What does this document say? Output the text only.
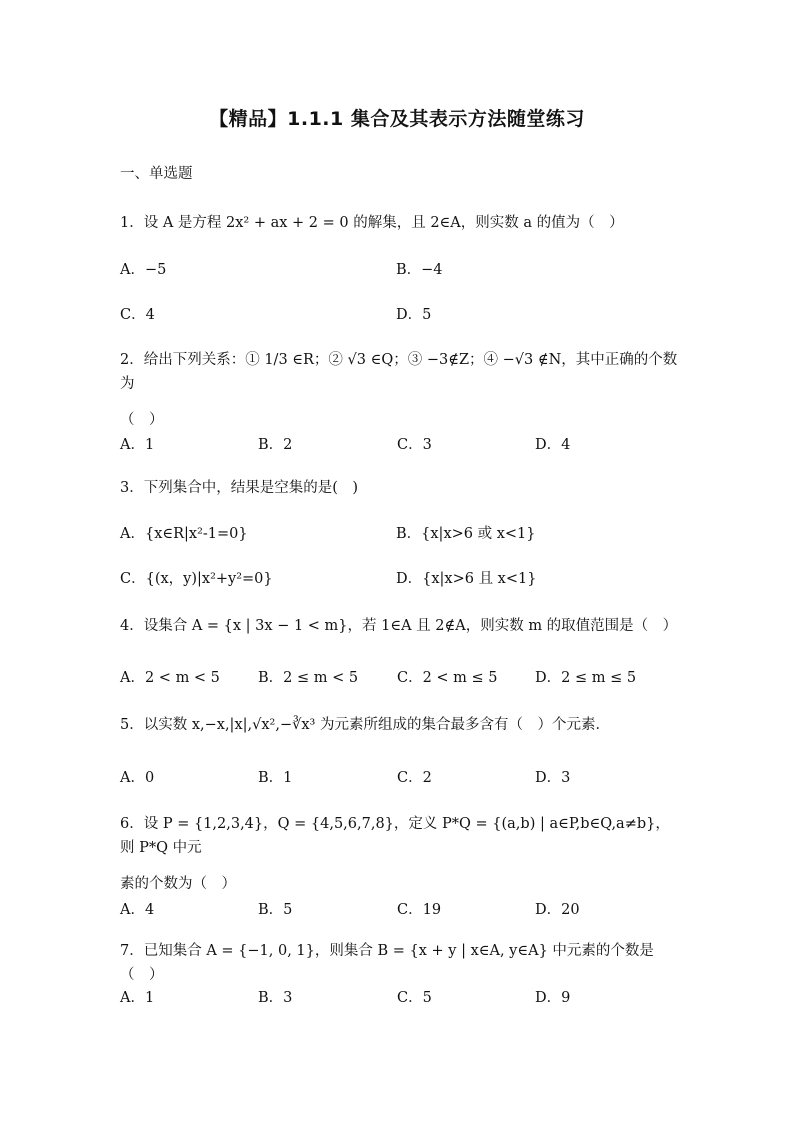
【精品】1.1.1 集合及其表示方法随堂练习
一、单选题
1．设 A 是方程 2x² + ax + 2 = 0 的解集，且 2∈A，则实数 a 的值为（　）
A．−5	B．−4
C．4	D．5
2．给出下列关系：① 1/3 ∈R；② √3 ∈Q；③ −3∉Z；④ −√3 ∉N，其中正确的个数为
（　）
A．1	B．2	C．3	D．4
3．下列集合中，结果是空集的是(　)
A．{x∈R|x²-1=0}	B．{x|x>6 或 x<1}
C．{(x，y)|x²+y²=0}	D．{x|x>6 且 x<1}
4．设集合 A = {x | 3x − 1 < m}，若 1∈A 且 2∉A，则实数 m 的取值范围是（　）
A．2 < m < 5	B．2 ≤ m < 5	C．2 < m ≤ 5	D．2 ≤ m ≤ 5
5．以实数 x,−x,|x|,√x²,−∛x³ 为元素所组成的集合最多含有（　）个元素．
A．0	B．1	C．2	D．3
6．设 P = {1,2,3,4}，Q = {4,5,6,7,8}，定义 P*Q = {(a,b) | a∈P,b∈Q,a≠b}，则 P*Q 中元
素的个数为（　）
A．4	B．5	C．19	D．20
7．已知集合 A = {−1, 0, 1}，则集合 B = {x + y | x∈A, y∈A} 中元素的个数是（　）
A．1	B．3	C．5	D．9
